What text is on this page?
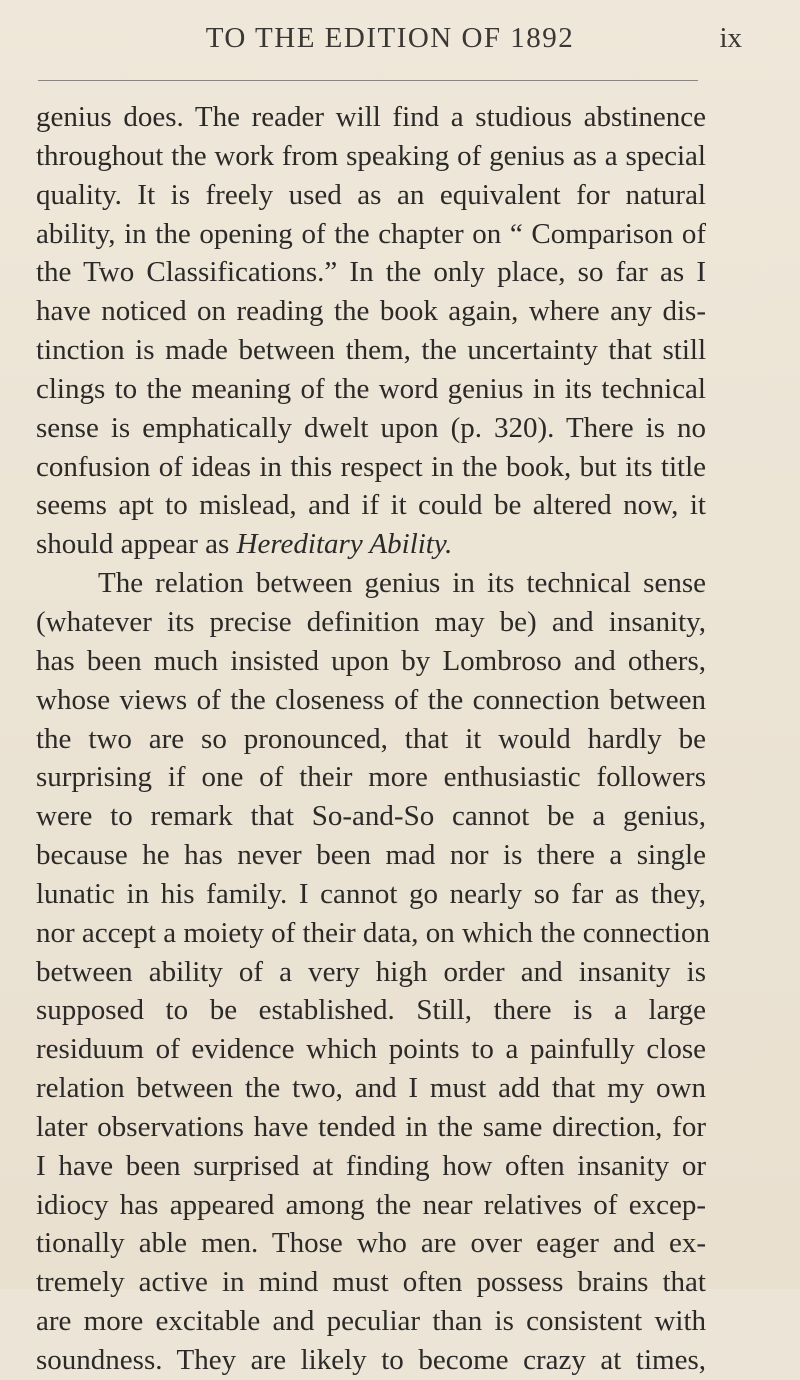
TO THE EDITION OF 1892	ix
genius does. The reader will find a studious abstinence
throughout the work from speaking of genius as a special
quality. It is freely used as an equivalent for natural
ability, in the opening of the chapter on “ Comparison of
the Two Classifications.” In the only place, so far as I
have noticed on reading the book again, where any dis-
tinction is made between them, the uncertainty that still
clings to the meaning of the word genius in its technical
sense is emphatically dwelt upon (p. 320). There is no
confusion of ideas in this respect in the book, but its title
seems apt to mislead, and if it could be altered now, it
should appear as Hereditary Ability.
The relation between genius in its technical sense
(whatever its precise definition may be) and insanity,
has been much insisted upon by Lombroso and others,
whose views of the closeness of the connection between
the two are so pronounced, that it would hardly be
surprising if one of their more enthusiastic followers
were to remark that So-and-So cannot be a genius,
because he has never been mad nor is there a single
lunatic in his family. I cannot go nearly so far as they,
nor accept a moiety of their data, on which the connection
between ability of a very high order and insanity is
supposed to be established. Still, there is a large
residuum of evidence which points to a painfully close
relation between the two, and I must add that my own
later observations have tended in the same direction, for
I have been surprised at finding how often insanity or
idiocy has appeared among the near relatives of excep-
tionally able men. Those who are over eager and ex-
tremely active in mind must often possess brains that
are more excitable and peculiar than is consistent with
soundness. They are likely to become crazy at times,
